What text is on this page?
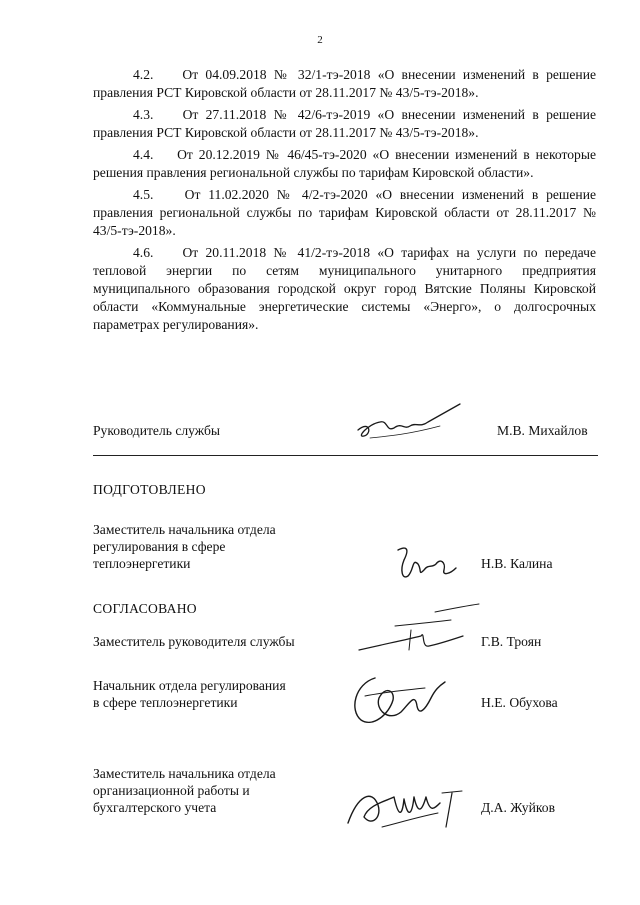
2

4.2. От 04.09.2018 № 32/1-тэ-2018 «О внесении изменений в решение правления РСТ Кировской области от 28.11.2017 № 43/5-тэ-2018».

4.3. От 27.11.2018 № 42/6-тэ-2019 «О внесении изменений в решение правления РСТ Кировской области от 28.11.2017 № 43/5-тэ-2018».

4.4. От 20.12.2019 № 46/45-тэ-2020 «О внесении изменений в некоторые решения правления региональной службы по тарифам Кировской области».

4.5. От 11.02.2020 № 4/2-тэ-2020 «О внесении изменений в решение правления региональной службы по тарифам Кировской области от 28.11.2017 № 43/5-тэ-2018».

4.6. От 20.11.2018 № 41/2-тэ-2018 «О тарифах на услуги по передаче тепловой энергии по сетям муниципального унитарного предприятия муниципального образования городской округ город Вятские Поляны Кировской области «Коммунальные энергетические системы «Энерго», о долгосрочных параметрах регулирования».

Руководитель службы	М.В. Михайлов
ПОДГОТОВЛЕНО
Заместитель начальника отдела
регулирования в сфере
теплоэнергетики	Н.В. Калина
СОГЛАСОВАНО
Заместитель руководителя службы	Г.В. Троян
Начальник отдела регулирования
в сфере теплоэнергетики	Н.Е. Обухова
Заместитель начальника отдела
организационной работы и
бухгалтерского учета	Д.А. Жуйков
